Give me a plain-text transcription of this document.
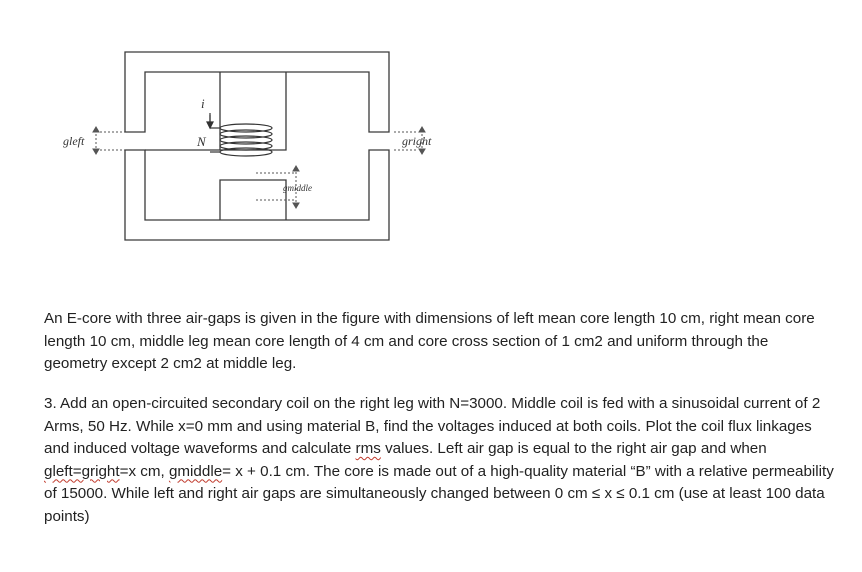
gleft	gright
gmiddle
i
N

An E-core with three air-gaps is given in the figure with dimensions of left mean core length 10 cm, right mean core length 10 cm, middle leg mean core length of 4 cm and core cross section of 1 cm2 and uniform through the geometry except 2 cm2 at middle leg.

3. Add an open-circuited secondary coil on the right leg with N=3000. Middle coil is fed with a sinusoidal current of 2 Arms, 50 Hz. While x=0 mm and using material B, find the voltages induced at both coils. Plot the coil flux linkages and induced voltage waveforms and calculate rms values. Left air gap is equal to the right air gap and when gleft=gright=x cm, gmiddle= x + 0.1 cm. The core is made out of a high-quality material “B” with a relative permeability of 15000. While left and right air gaps are simultaneously changed between 0 cm ≤ x ≤ 0.1 cm (use at least 100 data points)
